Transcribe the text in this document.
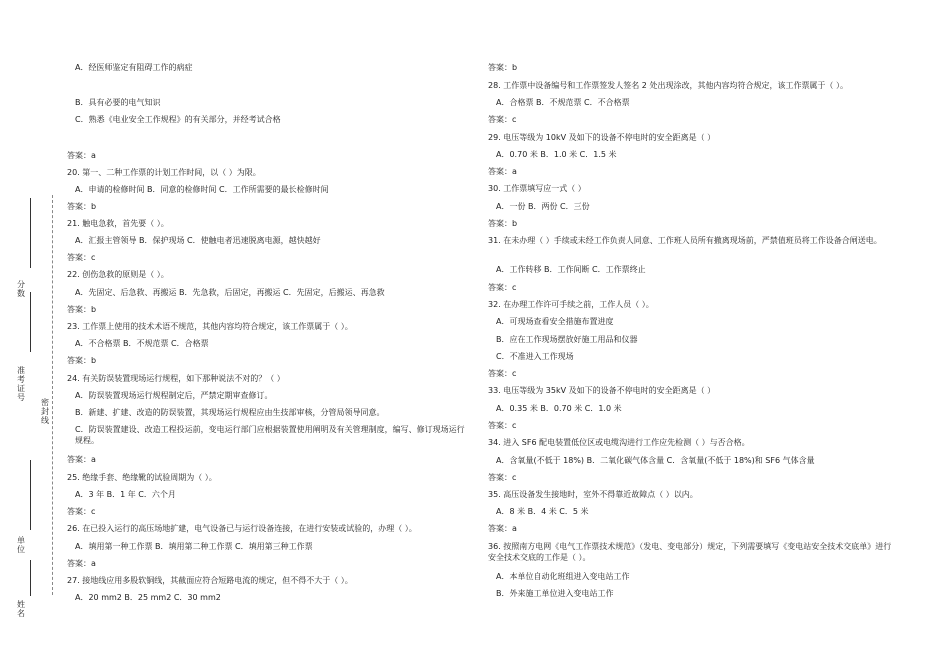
分数
准考证号
密封线
单位
姓名
A．经医师鉴定有阻碍工作的病症
B．具有必要的电气知识
C．熟悉《电业安全工作规程》的有关部分，并经考试合格
答案：a
20. 第一、二种工作票的计划工作时间，以（ ）为限。
A．申请的检修时间 B．同意的检修时间 C．工作所需要的最长检修时间
答案：b
21. 触电急救，首先要（ ）。
A．汇报主管领导 B．保护现场 C．使触电者迅速脱离电源，越快越好
答案：c
22. 创伤急救的原则是（ ）。
A．先固定、后急救、再搬运 B．先急救，后固定，再搬运 C．先固定，后搬运、再急救
答案：b
23. 工作票上使用的技术术语不规范，其他内容均符合规定，该工作票属于（ ）。
A．不合格票 B．不规范票 C．合格票
答案：b
24. 有关防误装置现场运行规程，如下那种说法不对的？（ ）
A．防误装置现场运行规程制定后，严禁定期审查修订。
B．新建、扩建、改造的防误装置，其现场运行规程应由生技部审核，分管局领导同意。
C．防误装置建设、改造工程投运前，变电运行部门应根据装置使用阐明及有关管理制度，编写、修订现场运行规程。
答案：a
25. 绝缘手套、绝缘靴的试验周期为（ ）。
A．3 年 B．1 年 C．六个月
答案：c
26. 在已投入运行的高压场地扩建，电气设备已与运行设备连接，在进行安装或试验的，办理（ ）。
A．填用第一种工作票 B．填用第二种工作票 C．填用第三种工作票
答案：a
27. 接地线应用多股软铜线，其截面应符合短路电流的规定，但不得不大于（ ）。
A．20 mm2 B．25 mm2 C．30 mm2
答案：b
28. 工作票中设备编号和工作票签发人签名 2 处出现涂改，其他内容均符合规定，该工作票属于（ ）。
A．合格票 B．不规范票 C．不合格票
答案：c
29. 电压等级为 10kV 及如下的设备不停电时的安全距离是（ ）
A．0.70 米 B．1.0 米 C．1.5 米
答案：a
30. 工作票填写应一式（ ）
A．一份 B．两份 C．三份
答案：b
31. 在未办理（ ）手续或未经工作负责人同意、工作班人员所有撤离现场前，严禁值班员将工作设备合闸送电。
A．工作转移 B．工作间断 C．工作票终止
答案：c
32. 在办理工作许可手续之前，工作人员（ ）。
A．可现场查看安全措施布置进度
B．应在工作现场摆放好施工用品和仪器
C．不准进入工作现场
答案：c
33. 电压等级为 35kV 及如下的设备不停电时的安全距离是（ ）
A．0.35 米 B．0.70 米 C．1.0 米
答案：c
34. 进入 SF6 配电装置低位区或电缆沟进行工作应先检测（ ）与否合格。
A．含氧量(不低于 18%) B．二氧化碳气体含量 C．含氧量(不低于 18%)和 SF6 气体含量
答案：c
35. 高压设备发生接地时，室外不得靠近故障点（ ）以内。
A．8 米 B．4 米 C．5 米
答案：a
36. 按照南方电网《电气工作票技术规范》（发电、变电部分）规定，下列需要填写《变电站安全技术交底单》进行安全技术交底的工作是（ ）。
A．本单位自动化班组进入变电站工作
B．外来施工单位进入变电站工作
